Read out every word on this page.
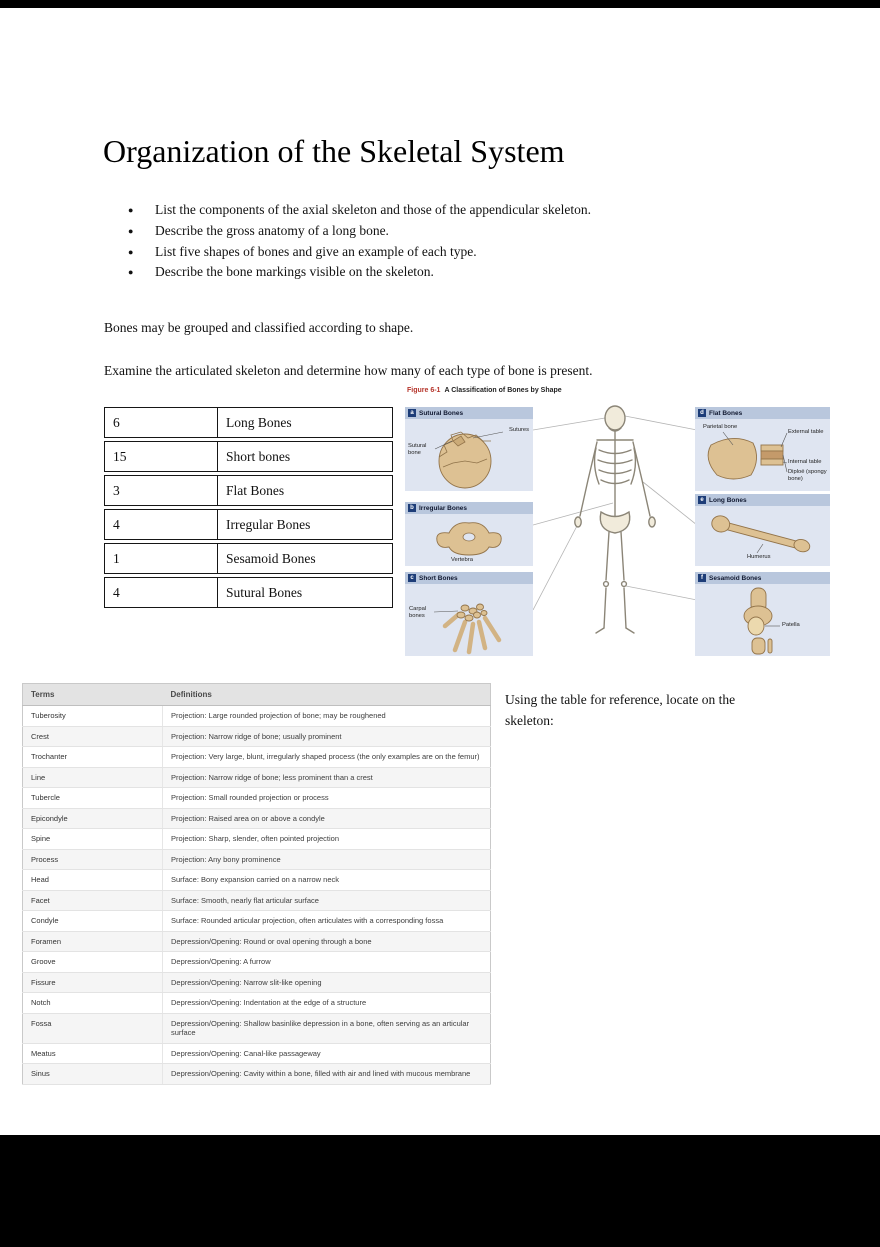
Organization of the Skeletal System
● List the components of the axial skeleton and those of the appendicular skeleton.
● Describe the gross anatomy of a long bone.
● List five shapes of bones and give an example of each type.
● Describe the bone markings visible on the skeleton.

Bones may be grouped and classified according to shape.

Examine the articulated skeleton and determine how many of each type of bone is present.

6	Long Bones
15	Short bones
3	Flat Bones
4	Irregular Bones
1	Sesamoid Bones
4	Sutural Bones
Figure 6-1 A Classification of Bones by Shape
a Sutural Bones
Sutural bone
Sutures
b Irregular Bones
Vertebra
c Short Bones
Carpal bones
d Flat Bones
Parietal bone
External table
Internal table
Diploë (spongy bone)
e Long Bones
Humerus
f Sesamoid Bones
Patella

Using the table for reference, locate on the skeleton:

Terms	Definitions
Tuberosity	Projection: Large rounded projection of bone; may be roughened
Crest	Projection: Narrow ridge of bone; usually prominent
Trochanter	Projection: Very large, blunt, irregularly shaped process (the only examples are on the femur)
Line	Projection: Narrow ridge of bone; less prominent than a crest
Tubercle	Projection: Small rounded projection or process
Epicondyle	Projection: Raised area on or above a condyle
Spine	Projection: Sharp, slender, often pointed projection
Process	Projection: Any bony prominence
Head	Surface: Bony expansion carried on a narrow neck
Facet	Surface: Smooth, nearly flat articular surface
Condyle	Surface: Rounded articular projection, often articulates with a corresponding fossa
Foramen	Depression/Opening: Round or oval opening through a bone
Groove	Depression/Opening: A furrow
Fissure	Depression/Opening: Narrow slit-like opening
Notch	Depression/Opening: Indentation at the edge of a structure
Fossa	Depression/Opening: Shallow basinlike depression in a bone, often serving as an articular surface
Meatus	Depression/Opening: Canal-like passageway
Sinus	Depression/Opening: Cavity within a bone, filled with air and lined with mucous membrane
